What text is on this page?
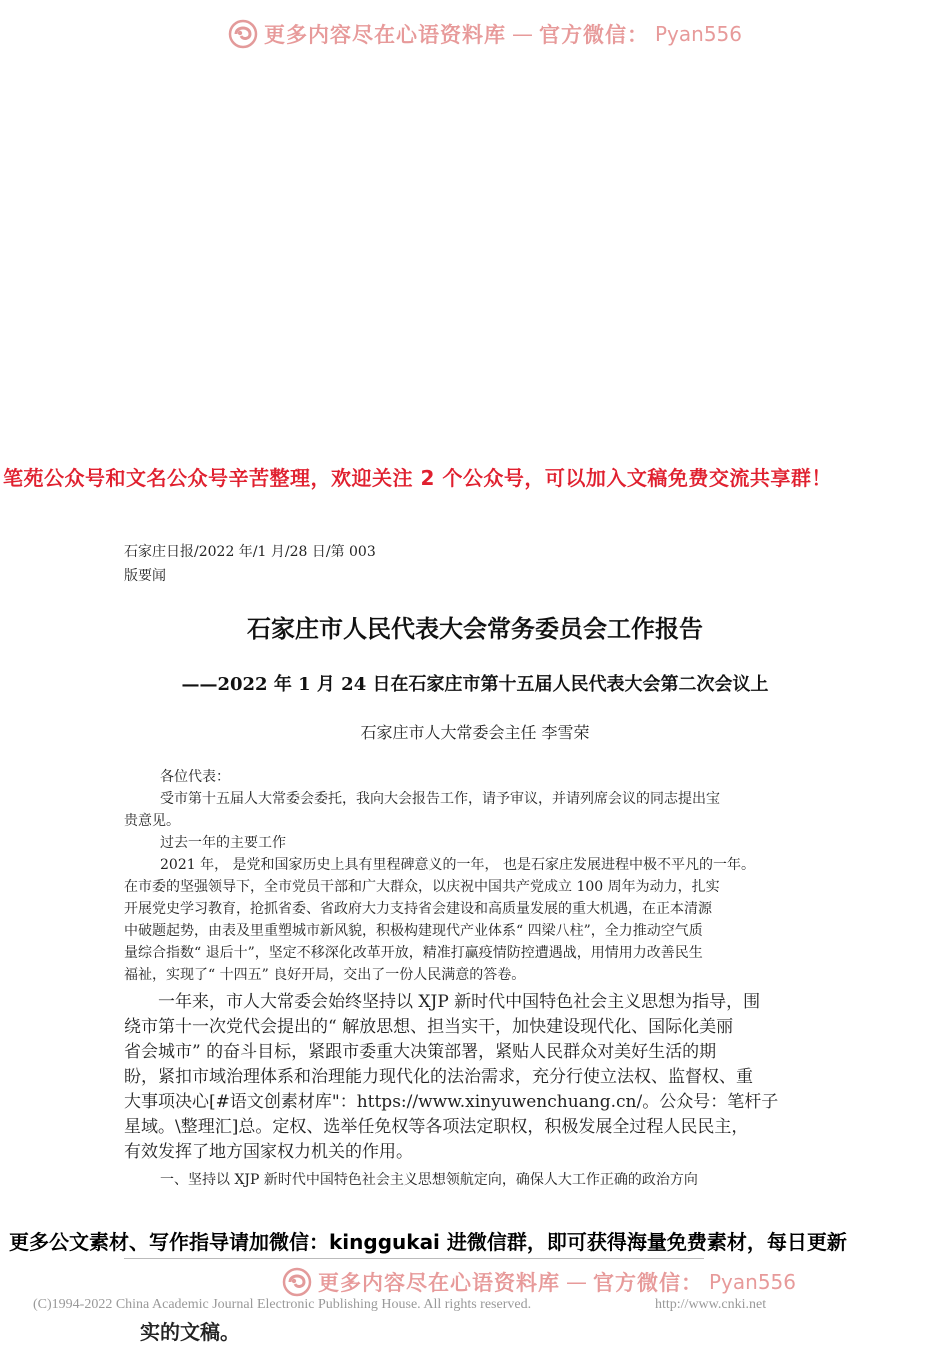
更多内容尽在心语资料库 — 官方微信： Pyan556
笔苑公众号和文名公众号辛苦整理，欢迎关注 2 个公众号，可以加入文稿免费交流共享群！
石家庄日报/2022 年/1 月/28 日/第 003
版要闻
石家庄市人民代表大会常务委员会工作报告
——2022 年 1 月 24 日在石家庄市第十五届人民代表大会第二次会议上
石家庄市人大常委会主任 李雪荣

各位代表：

受市第十五届人大常委会委托，我向大会报告工作，请予审议，并请列席会议的同志提出宝

贵意见。

过去一年的主要工作

2021 年， 是党和国家历史上具有里程碑意义的一年， 也是石家庄发展进程中极不平凡的一年。

在市委的坚强领导下，全市党员干部和广大群众，以庆祝中国共产党成立 100 周年为动力，扎实

开展党史学习教育，抢抓省委、省政府大力支持省会建设和高质量发展的重大机遇，在正本清源

中破题起势，由表及里重塑城市新风貌，积极构建现代产业体系“ 四梁八柱”，全力推动空气质

量综合指数“ 退后十”，坚定不移深化改革开放，精准打赢疫情防控遭遇战，用情用力改善民生

福祉，实现了“ 十四五” 良好开局，交出了一份人民满意的答卷。

一年来，市人大常委会始终坚持以 XJP 新时代中国特色社会主义思想为指导，围

绕市第十一次党代会提出的“ 解放思想、担当实干，加快建设现代化、国际化美丽

省会城市” 的奋斗目标，紧跟市委重大决策部署，紧贴人民群众对美好生活的期

盼，紧扣市域治理体系和治理能力现代化的法治需求，充分行使立法权、监督权、重

大事项决心[#语文创素材库"：https://www.xinyuwenchuang.cn/。公众号：笔杆子

星域。\整理汇]总。定权、选举任免权等各项法定职权，积极发展全过程人民民主，

有效发挥了地方国家权力机关的作用。

一、坚持以 XJP 新时代中国特色社会主义思想领航定向，确保人大工作正确的政治方向
更多公文素材、写作指导请加微信：kinggukai 进微信群，即可获得海量免费素材，每日更新
更多内容尽在心语资料库 — 官方微信： Pyan556
(C)1994-2022 China Academic Journal Electronic Publishing House. All rights reserved.	http://www.cnki.net
实的文稿。
